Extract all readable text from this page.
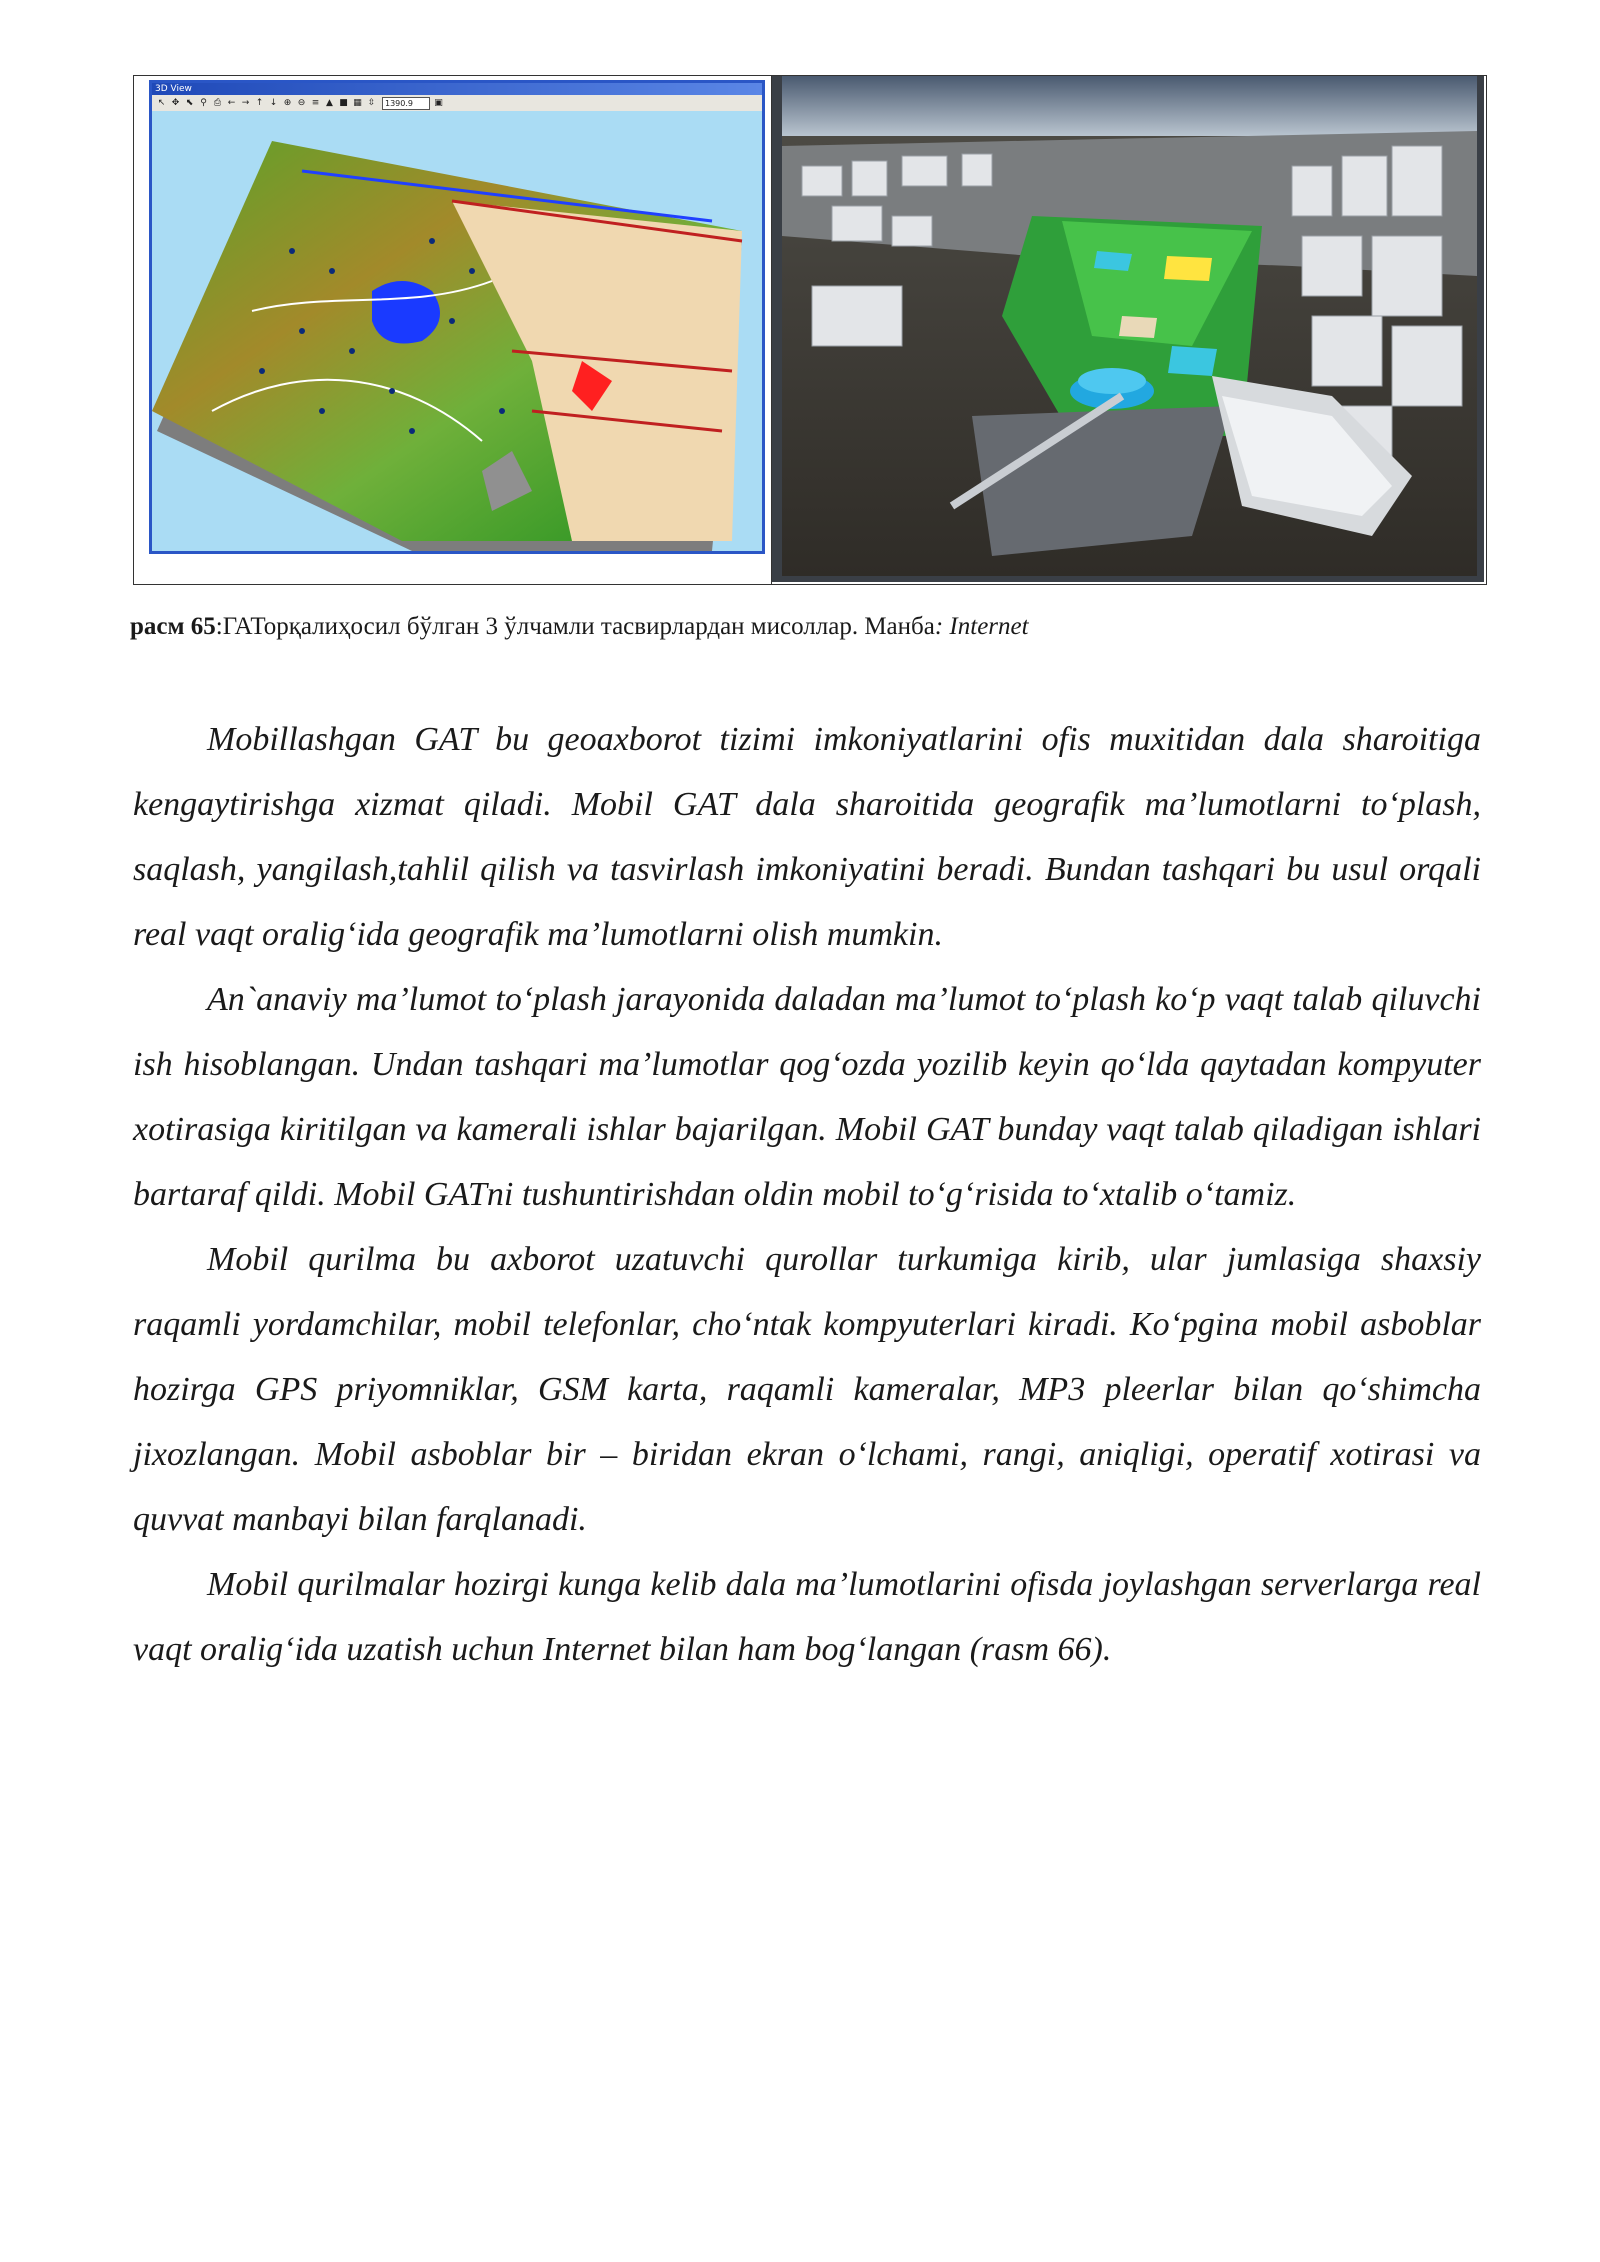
3D View
↖ ✥ ⬉ ⚲ ⎙ ← → ↑ ↓ ⊕ ⊖ ≡ ▲ ■ ▦ ⇳	1390.9	▣
расм 65:ГАТорқалиҳосил бўлган 3 ўлчамли тасвирлардан мисоллар. Манба: Internet

Mobillashgan GAT bu geoaxborot tizimi imkoniyatlarini ofis muxitidan dala sharoitiga kengaytirishga xizmat qiladi. Mobil GAT dala sharoitida geografik ma’lumotlarni to‘plash, saqlash, yangilash,tahlil qilish va tasvirlash imkoniyatini beradi. Bundan tashqari bu usul orqali real vaqt oralig‘ida geografik ma’lumotlarni olish mumkin.

An`anaviy ma’lumot to‘plash jarayonida daladan ma’lumot to‘plash ko‘p vaqt talab qiluvchi ish hisoblangan. Undan tashqari ma’lumotlar qog‘ozda yozilib keyin qo‘lda qaytadan kompyuter xotirasiga kiritilgan va kamerali ishlar bajarilgan. Mobil GAT bunday vaqt talab qiladigan ishlari bartaraf qildi. Mobil GATni tushuntirishdan oldin mobil to‘g‘risida to‘xtalib o‘tamiz.

Mobil qurilma bu axborot uzatuvchi qurollar turkumiga kirib, ular jumlasiga shaxsiy raqamli yordamchilar, mobil telefonlar, cho‘ntak kompyuterlari kiradi. Ko‘pgina mobil asboblar hozirga GPS priyomniklar, GSM karta, raqamli kameralar, MP3 pleerlar bilan qo‘shimcha jixozlangan. Mobil asboblar bir – biridan ekran o‘lchami, rangi, aniqligi, operatif xotirasi va quvvat manbayi bilan farqlanadi.

Mobil qurilmalar hozirgi kunga kelib dala ma’lumotlarini ofisda joylashgan serverlarga real vaqt oralig‘ida uzatish uchun Internet bilan ham bog‘langan (rasm 66).
